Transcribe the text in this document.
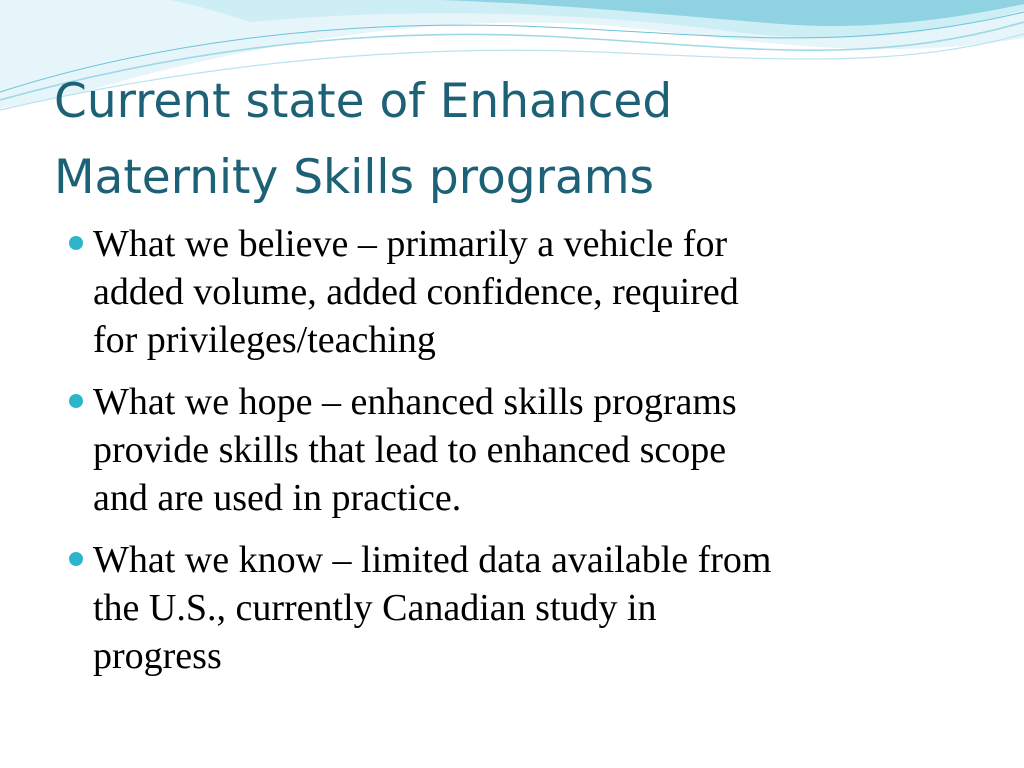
Current state of Enhanced
Maternity Skills programs
What we believe – primarily a vehicle for
added volume, added confidence, required
for privileges/teaching
What we hope – enhanced skills programs
provide skills that lead to enhanced scope
and are used in practice.
What we know – limited data available from
the U.S., currently Canadian study in
progress
